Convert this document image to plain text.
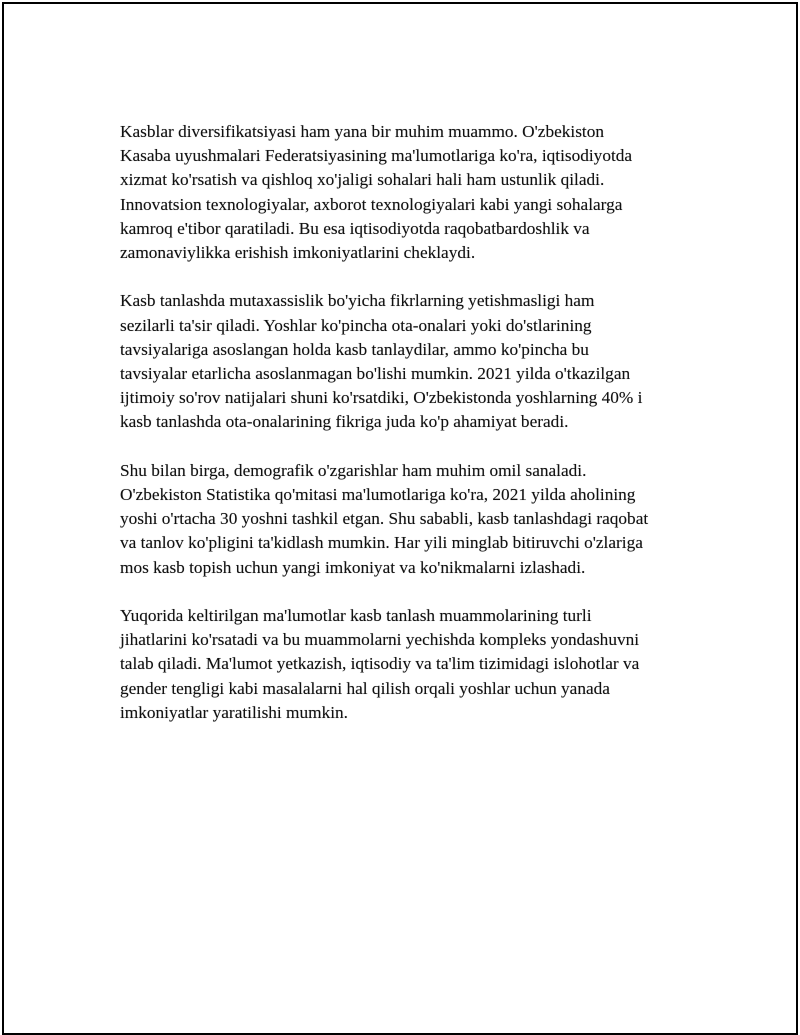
Kasblar diversifikatsiyasi ham yana bir muhim muammo. O'zbekiston
Kasaba uyushmalari Federatsiyasining ma'lumotlariga ko'ra, iqtisodiyotda
xizmat ko'rsatish va qishloq xo'jaligi sohalari hali ham ustunlik qiladi.
Innovatsion texnologiyalar, axborot texnologiyalari kabi yangi sohalarga
kamroq e'tibor qaratiladi. Bu esa iqtisodiyotda raqobatbardoshlik va
zamonaviylikka erishish imkoniyatlarini cheklaydi.

Kasb tanlashda mutaxassislik bo'yicha fikrlarning yetishmasligi ham
sezilarli ta'sir qiladi. Yoshlar ko'pincha ota-onalari yoki do'stlarining
tavsiyalariga asoslangan holda kasb tanlaydilar, ammo ko'pincha bu
tavsiyalar etarlicha asoslanmagan bo'lishi mumkin. 2021 yilda o'tkazilgan
ijtimoiy so'rov natijalari shuni ko'rsatdiki, O'zbekistonda yoshlarning 40% i
kasb tanlashda ota-onalarining fikriga juda ko'p ahamiyat beradi.

Shu bilan birga, demografik o'zgarishlar ham muhim omil sanaladi.
O'zbekiston Statistika qo'mitasi ma'lumotlariga ko'ra, 2021 yilda aholining
yoshi o'rtacha 30 yoshni tashkil etgan. Shu sababli, kasb tanlashdagi raqobat
va tanlov ko'pligini ta'kidlash mumkin. Har yili minglab bitiruvchi o'zlariga
mos kasb topish uchun yangi imkoniyat va ko'nikmalarni izlashadi.

Yuqorida keltirilgan ma'lumotlar kasb tanlash muammolarining turli
jihatlarini ko'rsatadi va bu muammolarni yechishda kompleks yondashuvni
talab qiladi. Ma'lumot yetkazish, iqtisodiy va ta'lim tizimidagi islohotlar va
gender tengligi kabi masalalarni hal qilish orqali yoshlar uchun yanada
imkoniyatlar yaratilishi mumkin.
